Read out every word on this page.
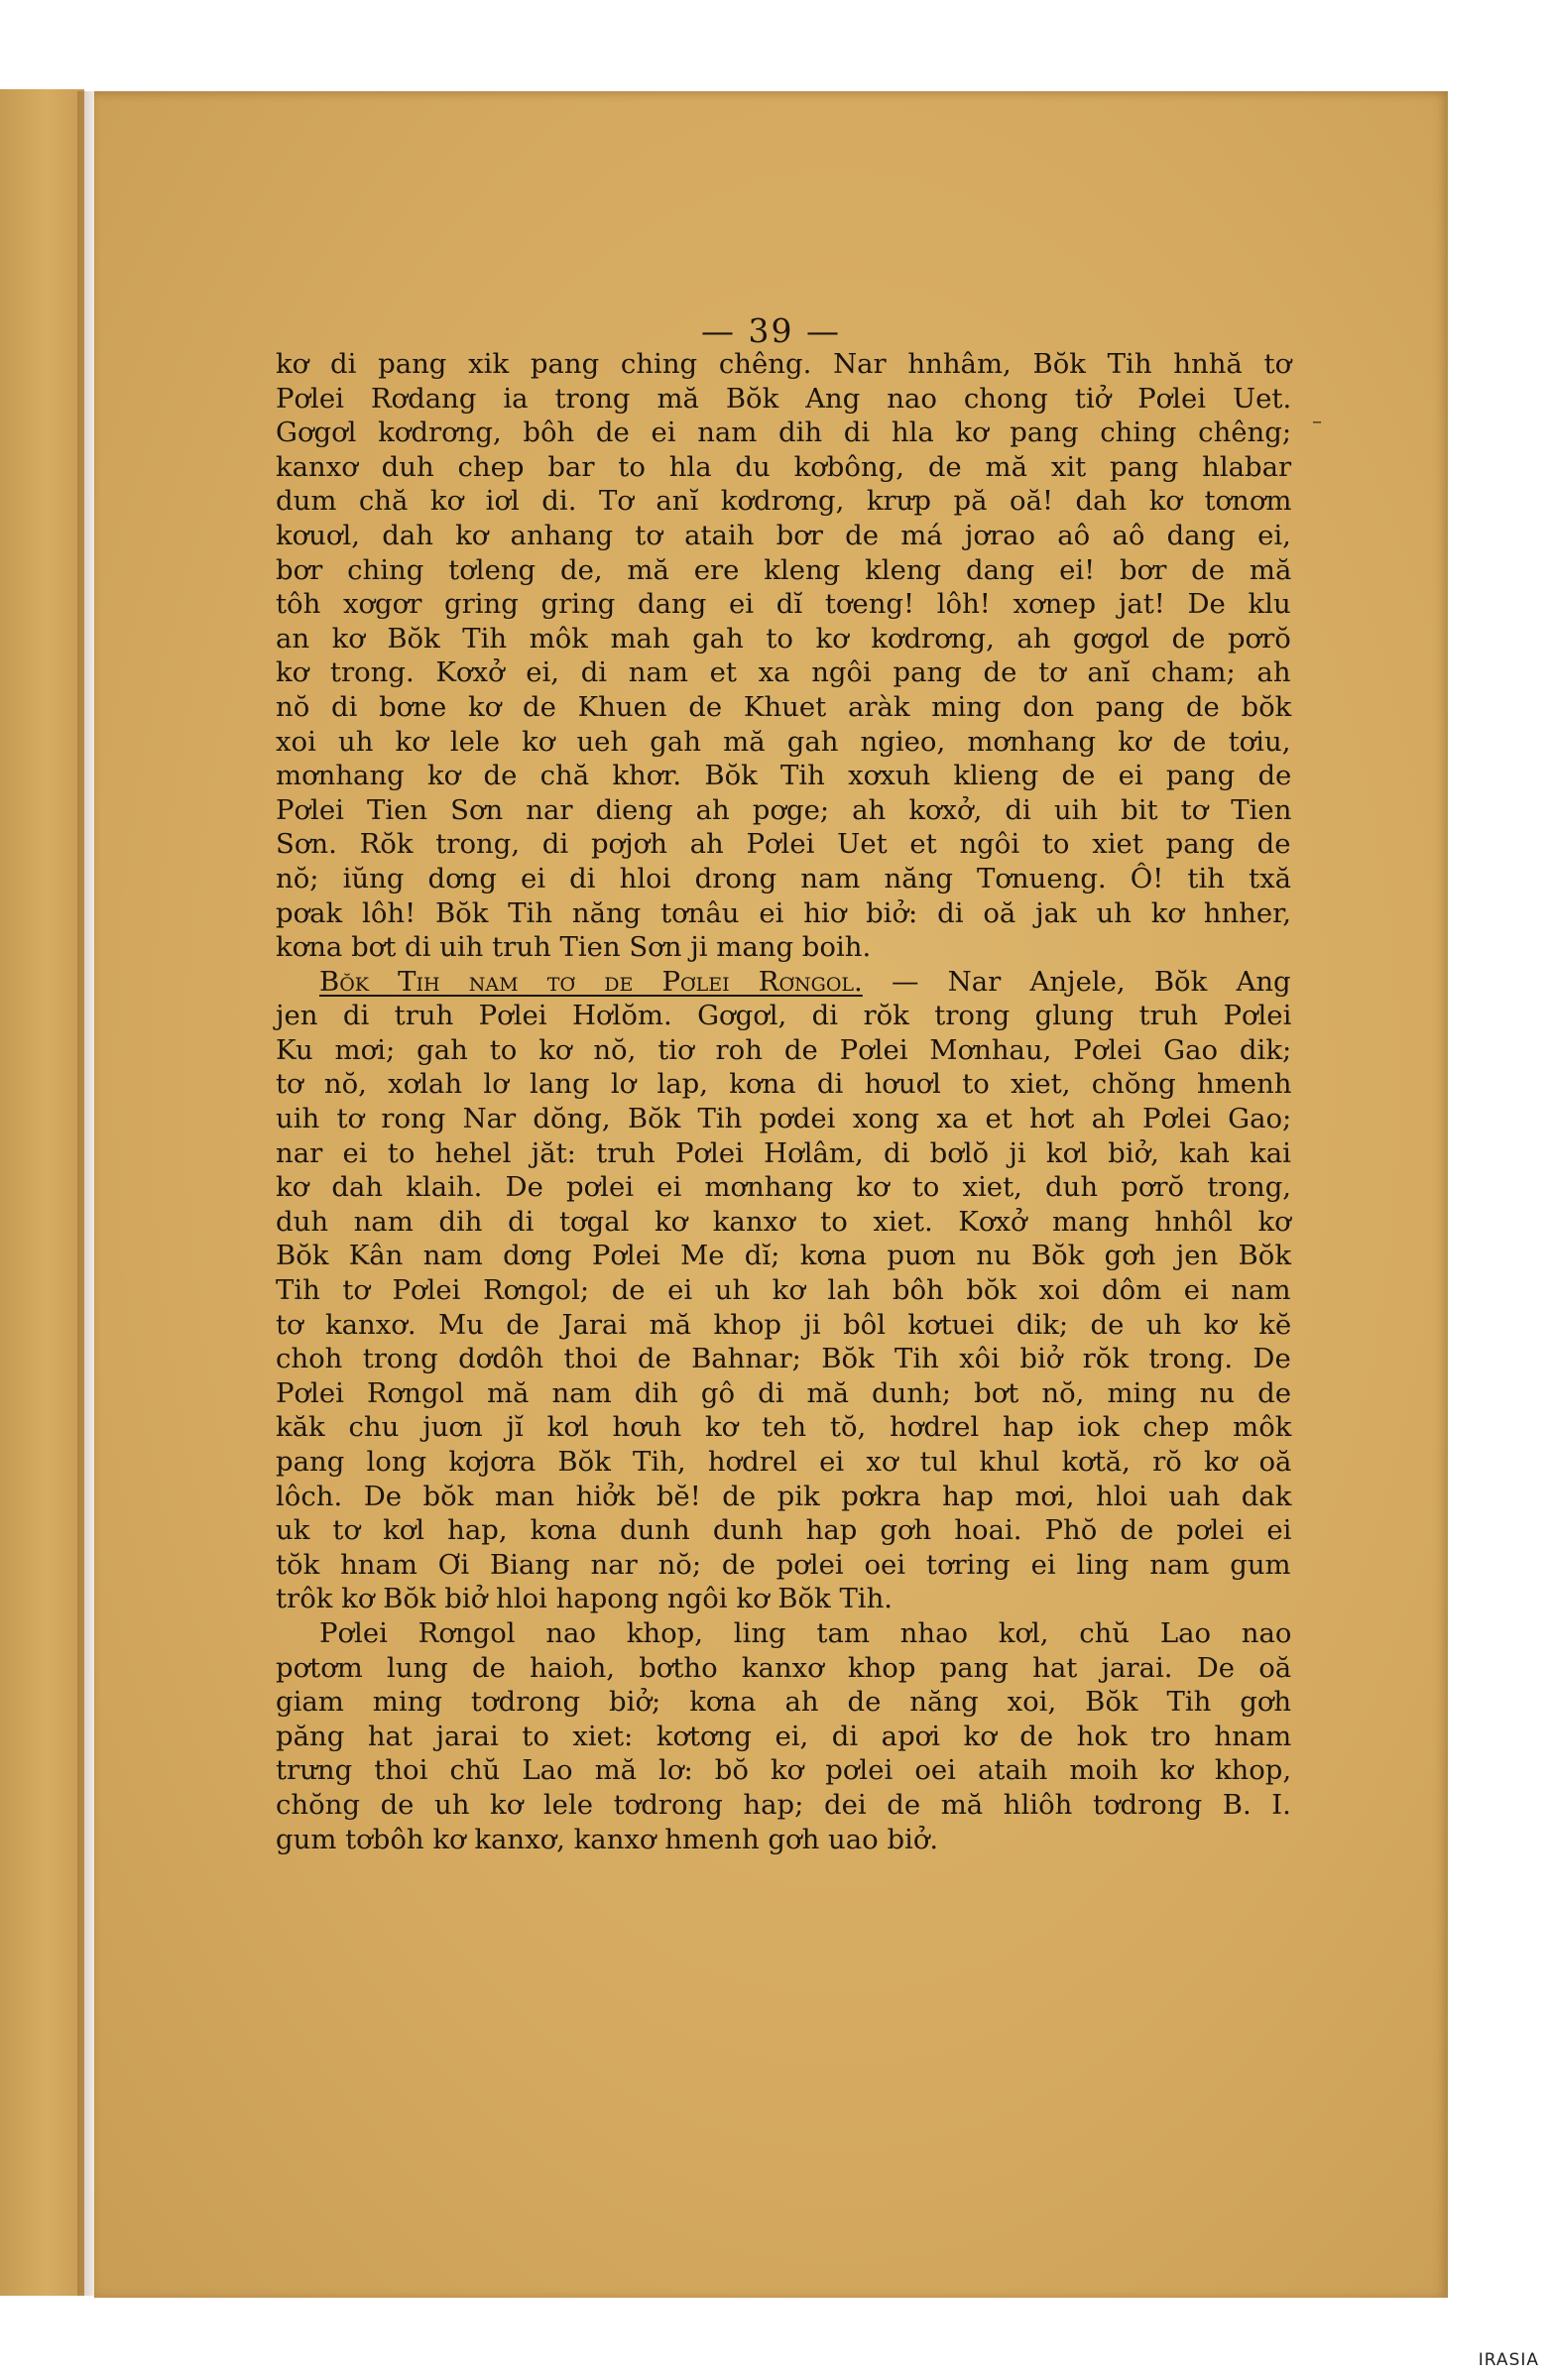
— 39 —
–

kơ di pang xik pang ching chêng. Nar hnhâm, Bŏk Tih hnhă tơ
Pơlei Rơdang ia trong mă Bŏk Ang nao chong tiở Pơlei Uet.
Gơgơl kơdrơng, bôh de ei nam dih di hla kơ pang ching chêng;
kanxơ duh chep bar to hla du kơbông, de mă xit pang hlabar
dum chă kơ iơl di. Tơ anĭ kơdrơng, krưp pă oă! dah kơ tơnơm
kơuơl, dah kơ anhang tơ ataih bơr de má jơrao aô aô dang ei,
bơr ching tơleng de, mă ere kleng kleng dang ei! bơr de mă
tôh xơgơr gring gring dang ei dĭ tơeng! lôh! xơnep jat! De klu
an kơ Bŏk Tih môk mah gah to kơ kơdrơng, ah gơgơl de pơrŏ
kơ trong. Kơxở ei, di nam et xa ngôi pang de tơ anĭ cham; ah
nŏ di bơne kơ de Khuen de Khuet aràk ming don pang de bŏk
xoi uh kơ lele kơ ueh gah mă gah ngieo, mơnhang kơ de tơiu,
mơnhang kơ de chă khơr. Bŏk Tih xơxuh klieng de ei pang de
Pơlei Tien Sơn nar dieng ah pơge; ah kơxở, di uih bit tơ Tien
Sơn. Rŏk trong, di pơjơh ah Pơlei Uet et ngôi to xiet pang de
nŏ; iŭng dơng ei di hloi drong nam năng Tơnueng. Ô! tih txă
pơak lôh! Bŏk Tih năng tơnâu ei hiơ biở: di oă jak uh kơ hnher,
kơna bơt di uih truh Tien Sơn ji mang boih.

Bŏk Tih nam tơ de Pơlei Rơngol. — Nar Anjele, Bŏk Ang
jen di truh Pơlei Hơlŏm. Gơgơl, di rŏk trong glung truh Pơlei
Ku mơi; gah to kơ nŏ, tiơ roh de Pơlei Mơnhau, Pơlei Gao dik;
tơ nŏ, xơlah lơ lang lơ lap, kơna di hơuơl to xiet, chŏng hmenh
uih tơ rong Nar dŏng, Bŏk Tih pơdei xong xa et hơt ah Pơlei Gao;
nar ei to hehel jăt: truh Pơlei Hơlâm, di bơlŏ ji kơl biở, kah kai
kơ dah klaih. De pơlei ei mơnhang kơ to xiet, duh pơrŏ trong,
duh nam dih di tơgal kơ kanxơ to xiet. Kơxở mang hnhôl kơ
Bŏk Kân nam dơng Pơlei Me dĭ; kơna puơn nu Bŏk gơh jen Bŏk
Tih tơ Pơlei Rơngol; de ei uh kơ lah bôh bŏk xoi dôm ei nam
tơ kanxơ. Mu de Jarai mă khop ji bôl kơtuei dik; de uh kơ kĕ
choh trong dơdôh thoi de Bahnar; Bŏk Tih xôi biở rŏk trong. De
Pơlei Rơngol mă nam dih gô di mă dunh; bơt nŏ, ming nu de
kăk chu juơn jĭ kơl hơuh kơ teh tŏ, hơdrel hap iok chep môk
pang long kơjơra Bŏk Tih, hơdrel ei xơ tul khul kơtă, rŏ kơ oă
lôch. De bŏk man hiởk bĕ! de pik pơkra hap mơi, hloi uah dak
uk tơ kơl hap, kơna dunh dunh hap gơh hoai. Phŏ de pơlei ei
tŏk hnam Ơi Biang nar nŏ; de pơlei oei tơring ei ling nam gum
trôk kơ Bŏk biở hloi hapong ngôi kơ Bŏk Tih.

Pơlei Rơngol nao khop, ling tam nhao kơl, chŭ Lao nao
pơtơm lung de haioh, bơtho kanxơ khop pang hat jarai. De oă
giam ming tơdrong biở; kơna ah de năng xoi, Bŏk Tih gơh
păng hat jarai to xiet: kơtơng ei, di apơi kơ de hok tro hnam
trưng thoi chŭ Lao mă lơ: bŏ kơ pơlei oei ataih moih kơ khop,
chŏng de uh kơ lele tơdrong hap; dei de mă hliôh tơdrong B. I.
gum tơbôh kơ kanxơ, kanxơ hmenh gơh uao biở.

IRASIA
